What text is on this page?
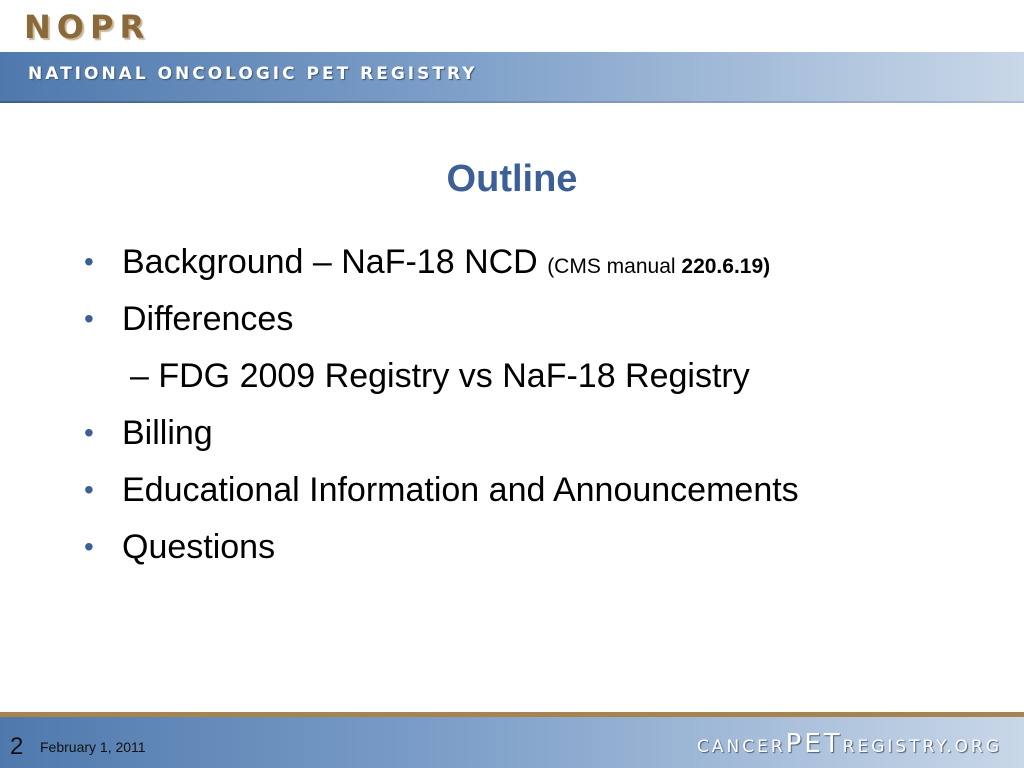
NOPR
NATIONAL ONCOLOGIC PET REGISTRY
Outline
• Background – NaF-18 NCD (CMS manual 220.6.19)
• Differences
– FDG 2009 Registry vs NaF-18 Registry
• Billing
• Educational Information and Announcements
• Questions
2 February 1, 2011	CANCERPETREGISTRY.ORG
